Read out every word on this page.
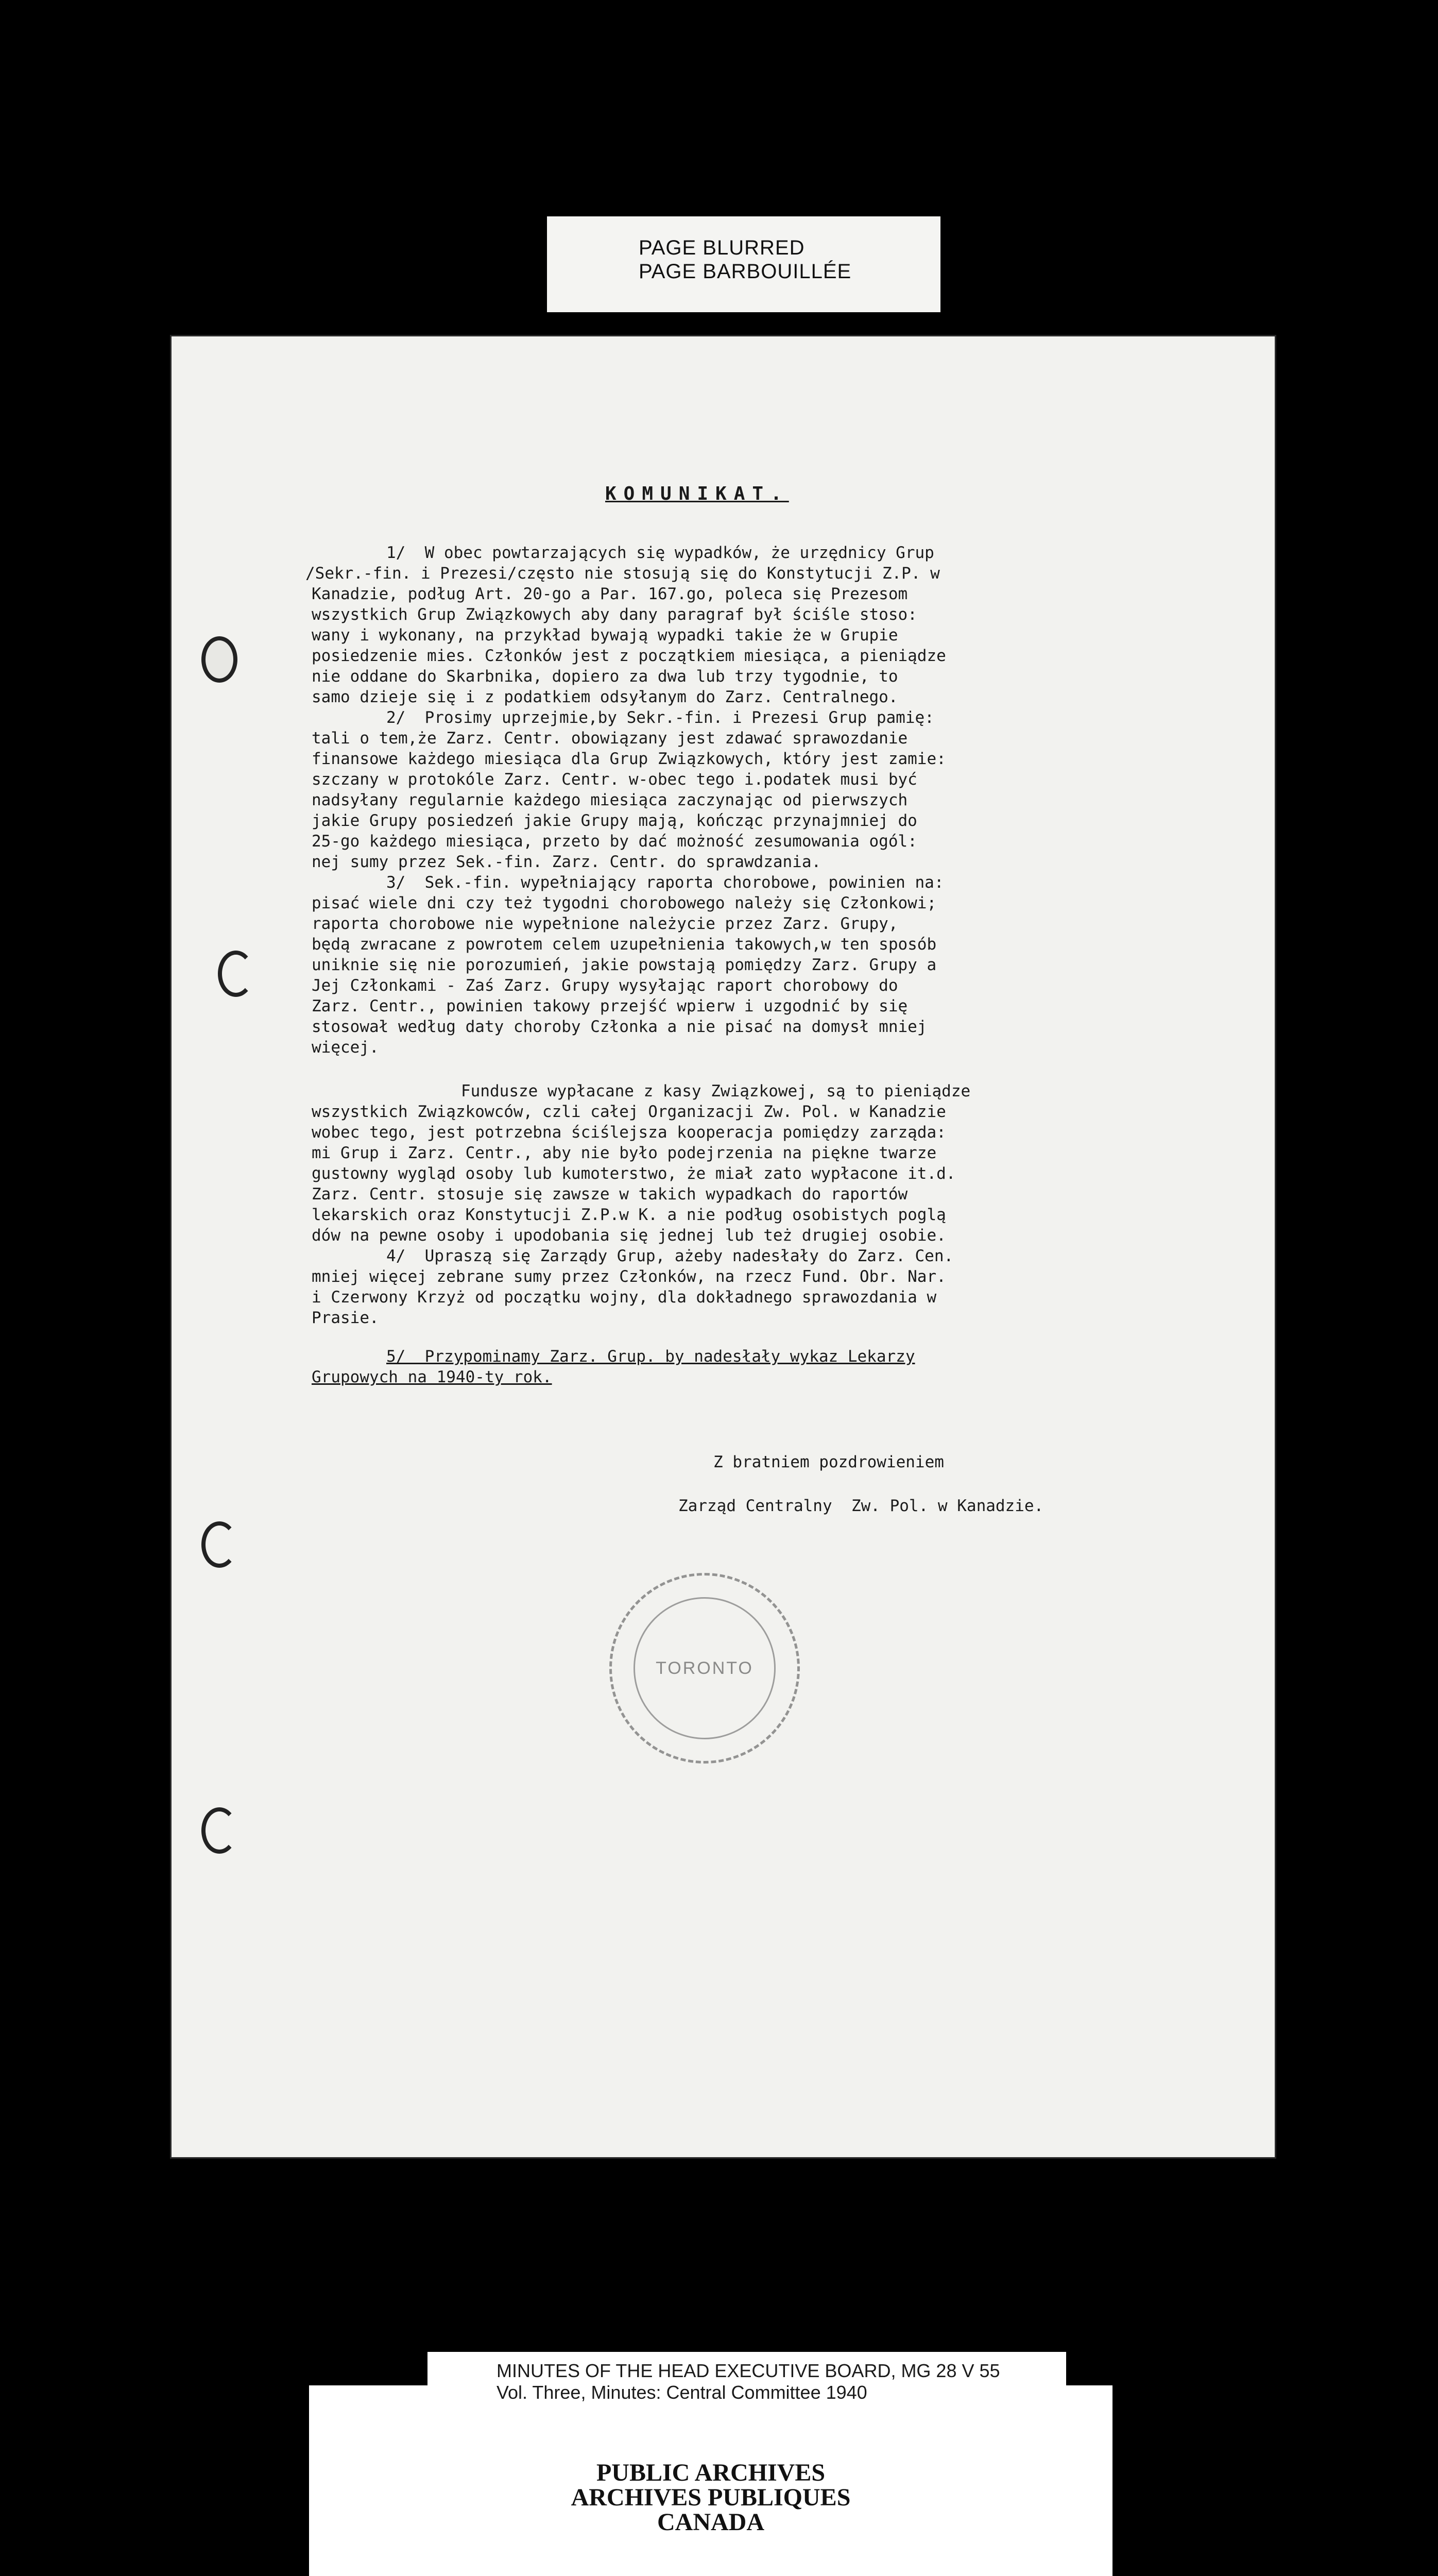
PAGE BLURRED
PAGE BARBOUILLÉE
KOMUNIKAT.
1/  W obec powtarzających się wypadków, że urzędnicy Grup
/Sekr.-fin. i Prezesi/często nie stosują się do Konstytucji Z.P. w
Kanadzie, podług Art. 20-go a Par. 167.go, poleca się Prezesom
wszystkich Grup Związkowych aby dany paragraf był ściśle stoso:
wany i wykonany, na przykład bywają wypadki takie że w Grupie
posiedzenie mies. Członków jest z początkiem miesiąca, a pieniądze
nie oddane do Skarbnika, dopiero za dwa lub trzy tygodnie, to
samo dzieje się i z podatkiem odsyłanym do Zarz. Centralnego.
2/  Prosimy uprzejmie,by Sekr.-fin. i Prezesi Grup pamię:
tali o tem,że Zarz. Centr. obowiązany jest zdawać sprawozdanie
finansowe każdego miesiąca dla Grup Związkowych, który jest zamie:
szczany w protokóle Zarz. Centr. w-obec tego i.podatek musi być
nadsyłany regularnie każdego miesiąca zaczynając od pierwszych
jakie Grupy posiedzeń jakie Grupy mają, kończąc przynajmniej do
25-go każdego miesiąca, przeto by dać możność zesumowania ogól:
nej sumy przez Sek.-fin. Zarz. Centr. do sprawdzania.
3/  Sek.-fin. wypełniający raporta chorobowe, powinien na:
pisać wiele dni czy też tygodni chorobowego należy się Członkowi;
raporta chorobowe nie wypełnione należycie przez Zarz. Grupy,
będą zwracane z powrotem celem uzupełnienia takowych,w ten sposób
uniknie się nie porozumień, jakie powstają pomiędzy Zarz. Grupy a
Jej Członkami - Zaś Zarz. Grupy wysyłając raport chorobowy do
Zarz. Centr., powinien takowy przejść wpierw i uzgodnić by się
stosował według daty choroby Członka a nie pisać na domysł mniej
więcej.
Fundusze wypłacane z kasy Związkowej, są to pieniądze
wszystkich Związkowców, czli całej Organizacji Zw. Pol. w Kanadzie
wobec tego, jest potrzebna ściślejsza kooperacja pomiędzy zarząda:
mi Grup i Zarz. Centr., aby nie było podejrzenia na piękne twarze
gustowny wygląd osoby lub kumoterstwo, że miał zato wypłacone it.d.
Zarz. Centr. stosuje się zawsze w takich wypadkach do raportów
lekarskich oraz Konstytucji Z.P.w K. a nie podług osobistych poglą
dów na pewne osoby i upodobania się jednej lub też drugiej osobie.
4/  Upraszą się Zarządy Grup, ażeby nadesłały do Zarz. Cen.
mniej więcej zebrane sumy przez Członków, na rzecz Fund. Obr. Nar.
i Czerwony Krzyż od początku wojny, dla dokładnego sprawozdania w
Prasie.
5/  Przypominamy Zarz. Grup. by nadesłały wykaz Lekarzy
Grupowych na 1940-ty rok.
Z bratniem pozdrowieniem
Zarząd Centralny  Zw. Pol. w Kanadzie.
TORONTO
PUBLIC ARCHIVES
ARCHIVES PUBLIQUES
CANADA
MINUTES OF THE HEAD EXECUTIVE BOARD, MG 28 V 55
Vol. Three, Minutes: Central Committee 1940
